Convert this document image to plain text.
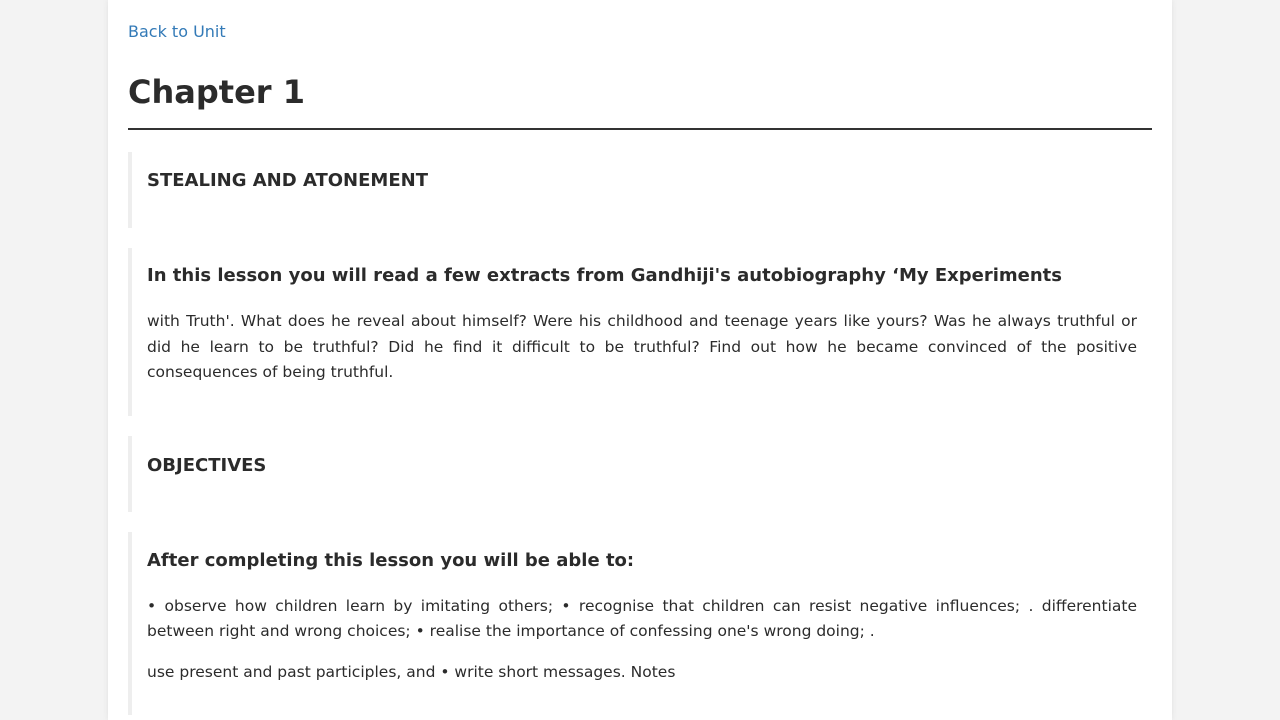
Back to Unit
Chapter 1
STEALING AND ATONEMENT
In this lesson you will read a few extracts from Gandhiji's autobiography ‘My Experiments

with Truth'. What does he reveal about himself? Were his childhood and teenage years like yours? Was he always truthful or did he learn to be truthful? Did he find it difficult to be truthful? Find out how he became convinced of the positive consequences of being truthful.

OBJECTIVES
After completing this lesson you will be able to:

• observe how children learn by imitating others; • recognise that children can resist negative influences; . differentiate between right and wrong choices; • realise the importance of confessing one's wrong doing; .

use present and past participles, and • write short messages. Notes
